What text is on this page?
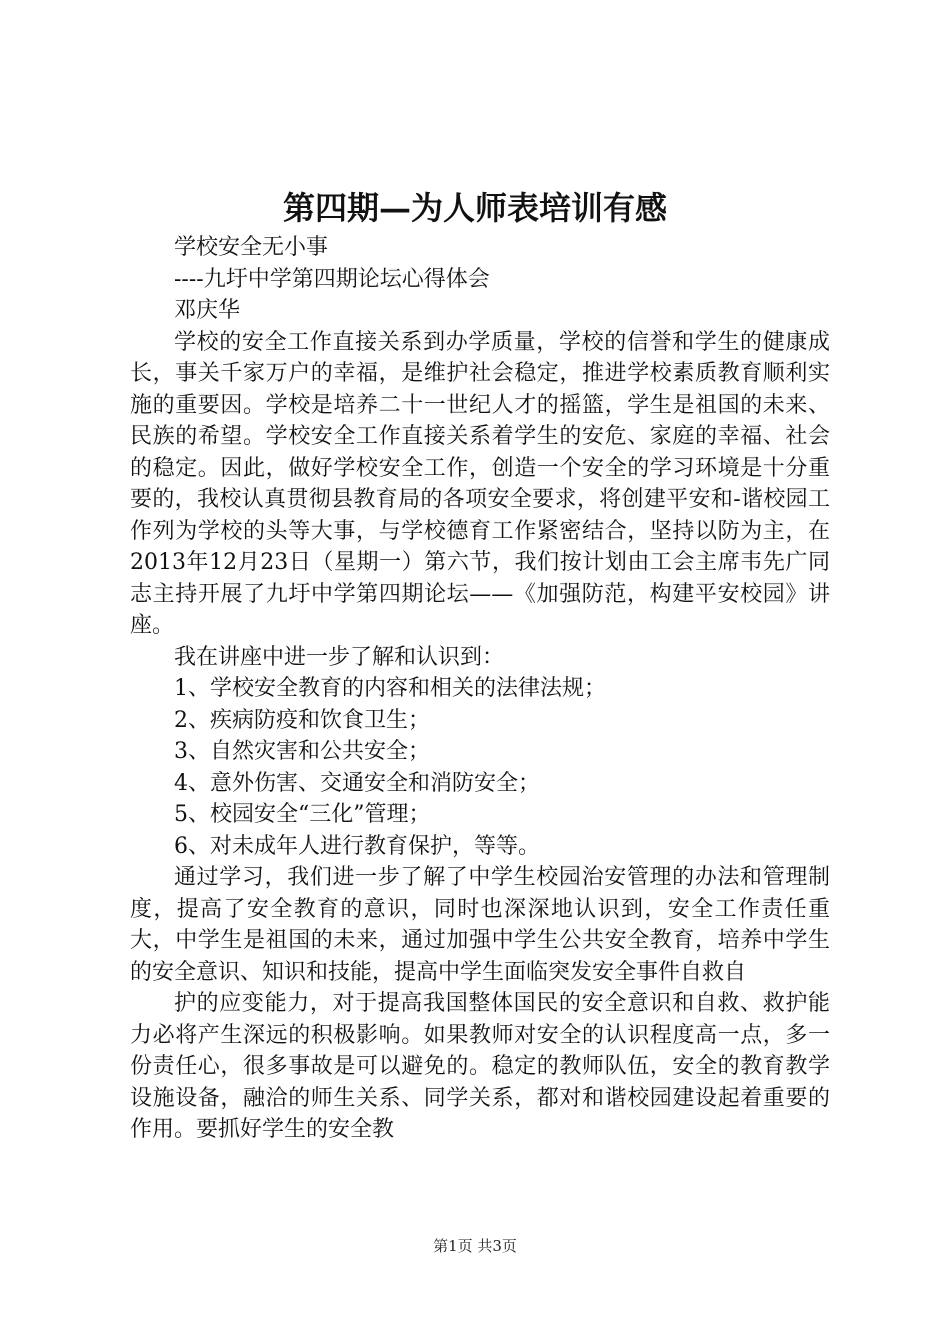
第四期—为人师表培训有感

学校安全无小事

----九圩中学第四期论坛心得体会

邓庆华

学校的安全工作直接关系到办学质量，学校的信誉和学生的健康成长，事关千家万户的幸福，是维护社会稳定，推进学校素质教育顺利实施的重要因。学校是培养二十一世纪人才的摇篮，学生是祖国的未来、民族的希望。学校安全工作直接关系着学生的安危、家庭的幸福、社会的稳定。因此，做好学校安全工作，创造一个安全的学习环境是十分重要的，我校认真贯彻县教育局的各项安全要求，将创建平安和-谐校园工作列为学校的头等大事，与学校德育工作紧密结合，坚持以防为主，在2013年12月23日（星期一）第六节，我们按计划由工会主席韦先广同志主持开展了九圩中学第四期论坛——《加强防范，构建平安校园》讲座。

我在讲座中进一步了解和认识到：

1、学校安全教育的内容和相关的法律法规；

2、疾病防疫和饮食卫生；

3、自然灾害和公共安全；

4、意外伤害、交通安全和消防安全；

5、校园安全“三化”管理；

6、对未成年人进行教育保护，等等。

通过学习，我们进一步了解了中学生校园治安管理的办法和管理制度，提高了安全教育的意识，同时也深深地认识到，安全工作责任重大，中学生是祖国的未来，通过加强中学生公共安全教育，培养中学生的安全意识、知识和技能，提高中学生面临突发安全事件自救自

护的应变能力，对于提高我国整体国民的安全意识和自救、救护能力必将产生深远的积极影响。如果教师对安全的认识程度高一点，多一份责任心，很多事故是可以避免的。稳定的教师队伍，安全的教育教学设施设备，融洽的师生关系、同学关系，都对和谐校园建设起着重要的作用。要抓好学生的安全教

第1页 共3页
